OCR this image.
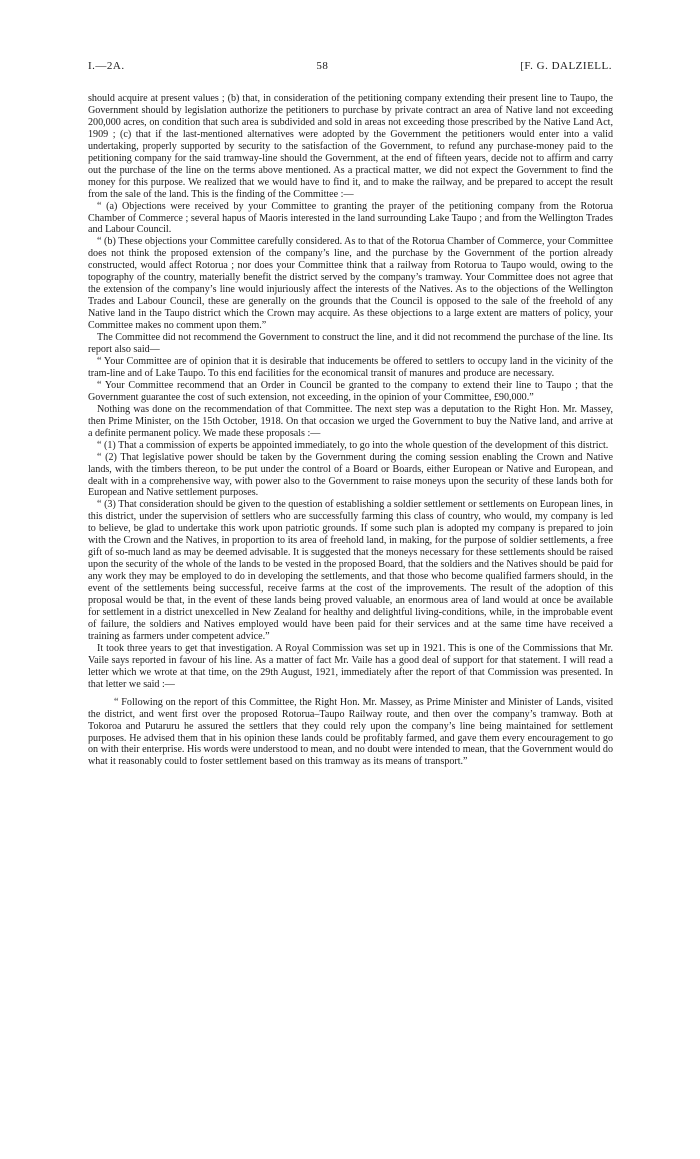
I.—2A.	58	[F. G. DALZIELL.

should acquire at present values ; (b) that, in consideration of the petitioning company extending their present line to Taupo, the Government should by legislation authorize the petitioners to purchase by private contract an area of Native land not exceeding 200,000 acres, on condition that such area is subdivided and sold in areas not exceeding those prescribed by the Native Land Act, 1909 ; (c) that if the last-mentioned alternatives were adopted by the Government the petitioners would enter into a valid undertaking, properly supported by security to the satisfaction of the Government, to refund any purchase-money paid to the petitioning company for the said tramway-line should the Government, at the end of fifteen years, decide not to affirm and carry out the purchase of the line on the terms above mentioned. As a practical matter, we did not expect the Government to find the money for this purpose. We realized that we would have to find it, and to make the railway, and be prepared to accept the result from the sale of the land. This is the finding of the Committee :—

“ (a) Objections were received by your Committee to granting the prayer of the petitioning company from the Rotorua Chamber of Commerce ; several hapus of Maoris interested in the land surrounding Lake Taupo ; and from the Wellington Trades and Labour Council.

“ (b) These objections your Committee carefully considered. As to that of the Rotorua Chamber of Commerce, your Committee does not think the proposed extension of the company’s line, and the purchase by the Government of the portion already constructed, would affect Rotorua ; nor does your Committee think that a railway from Rotorua to Taupo would, owing to the topography of the country, materially benefit the district served by the company’s tramway. Your Committee does not agree that the extension of the company’s line would injuriously affect the interests of the Natives. As to the objections of the Wellington Trades and Labour Council, these are generally on the grounds that the Council is opposed to the sale of the freehold of any Native land in the Taupo district which the Crown may acquire. As these objections to a large extent are matters of policy, your Committee makes no comment upon them.”

The Committee did not recommend the Government to construct the line, and it did not recommend the purchase of the line. Its report also said—

“ Your Committee are of opinion that it is desirable that inducements be offered to settlers to occupy land in the vicinity of the tram-line and of Lake Taupo. To this end facilities for the economical transit of manures and produce are necessary.

“ Your Committee recommend that an Order in Council be granted to the company to extend their line to Taupo ; that the Government guarantee the cost of such extension, not exceeding, in the opinion of your Committee, £90,000.”

Nothing was done on the recommendation of that Committee. The next step was a deputation to the Right Hon. Mr. Massey, then Prime Minister, on the 15th October, 1918. On that occasion we urged the Government to buy the Native land, and arrive at a definite permanent policy. We made these proposals :—

“ (1) That a commission of experts be appointed immediately, to go into the whole question of the development of this district.

“ (2) That legislative power should be taken by the Government during the coming session enabling the Crown and Native lands, with the timbers thereon, to be put under the control of a Board or Boards, either European or Native and European, and dealt with in a comprehensive way, with power also to the Government to raise moneys upon the security of these lands both for European and Native settlement purposes.

“ (3) That consideration should be given to the question of establishing a soldier settlement or settlements on European lines, in this district, under the supervision of settlers who are successfully farming this class of country, who would, my company is led to believe, be glad to undertake this work upon patriotic grounds. If some such plan is adopted my company is prepared to join with the Crown and the Natives, in proportion to its area of freehold land, in making, for the purpose of soldier settlements, a free gift of so-much land as may be deemed advisable. It is suggested that the moneys necessary for these settlements should be raised upon the security of the whole of the lands to be vested in the proposed Board, that the soldiers and the Natives should be paid for any work they may be employed to do in developing the settlements, and that those who become qualified farmers should, in the event of the settlements being successful, receive farms at the cost of the improvements. The result of the adoption of this proposal would be that, in the event of these lands being proved valuable, an enormous area of land would at once be available for settlement in a district unexcelled in New Zealand for healthy and delightful living-conditions, while, in the improbable event of failure, the soldiers and Natives employed would have been paid for their services and at the same time have received a training as farmers under competent advice.”

It took three years to get that investigation. A Royal Commission was set up in 1921. This is one of the Commissions that Mr. Vaile says reported in favour of his line. As a matter of fact Mr. Vaile has a good deal of support for that statement. I will read a letter which we wrote at that time, on the 29th August, 1921, immediately after the report of that Commission was presented. In that letter we said :—

“ Following on the report of this Committee, the Right Hon. Mr. Massey, as Prime Minister and Minister of Lands, visited the district, and went first over the proposed Rotorua–Taupo Railway route, and then over the company’s tramway. Both at Tokoroa and Putaruru he assured the settlers that they could rely upon the company’s line being maintained for settlement purposes. He advised them that in his opinion these lands could be profitably farmed, and gave them every encouragement to go on with their enterprise. His words were understood to mean, and no doubt were intended to mean, that the Government would do what it reasonably could to foster settlement based on this tramway as its means of transport.”
